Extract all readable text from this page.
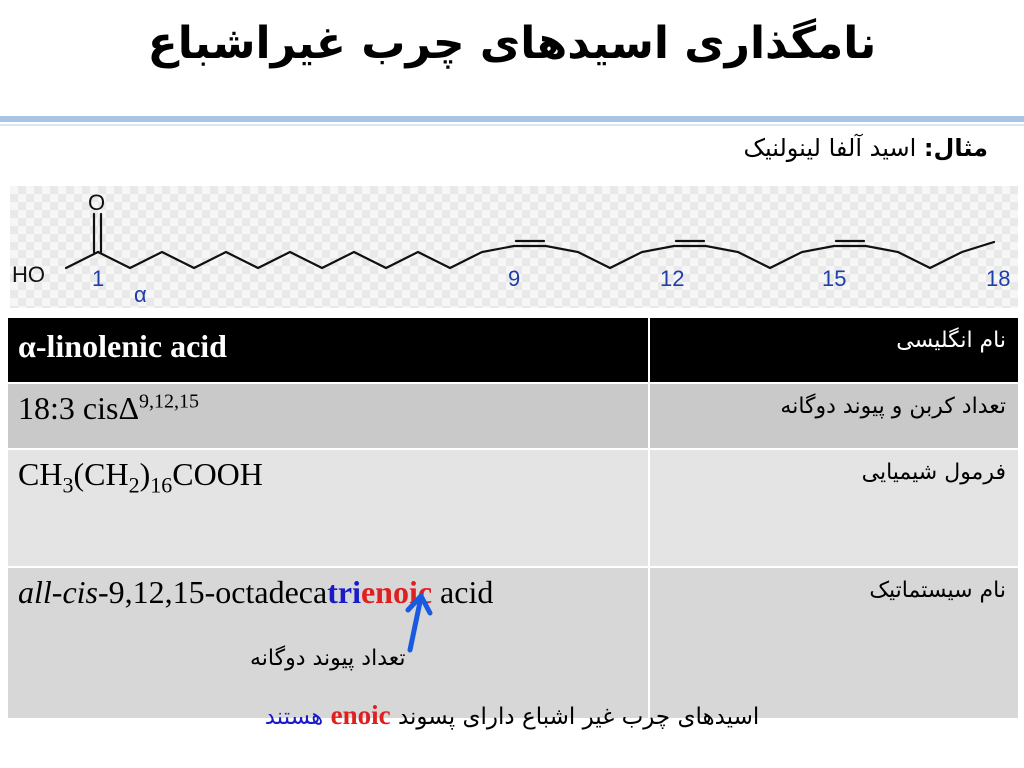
نامگذاری اسیدهای چرب غیراشباع
مثال: اسید آلفا لینولنیک
O
HO 1	9	12	15	18
α
α-linolenic acid	نام انگلیسی
18:3 cisΔ$^{9,12,15}$	تعداد کربن و پیوند دوگانه
$CH_3(CH_2)_{16}COOH$	فرمول شیمیایی
all-cis-9,12,15-octadecatrienoic acid	نام سیستماتیک
تعداد پیوند دوگانه
اسیدهای چرب غیر اشباع دارای پسوند enoic هستند
